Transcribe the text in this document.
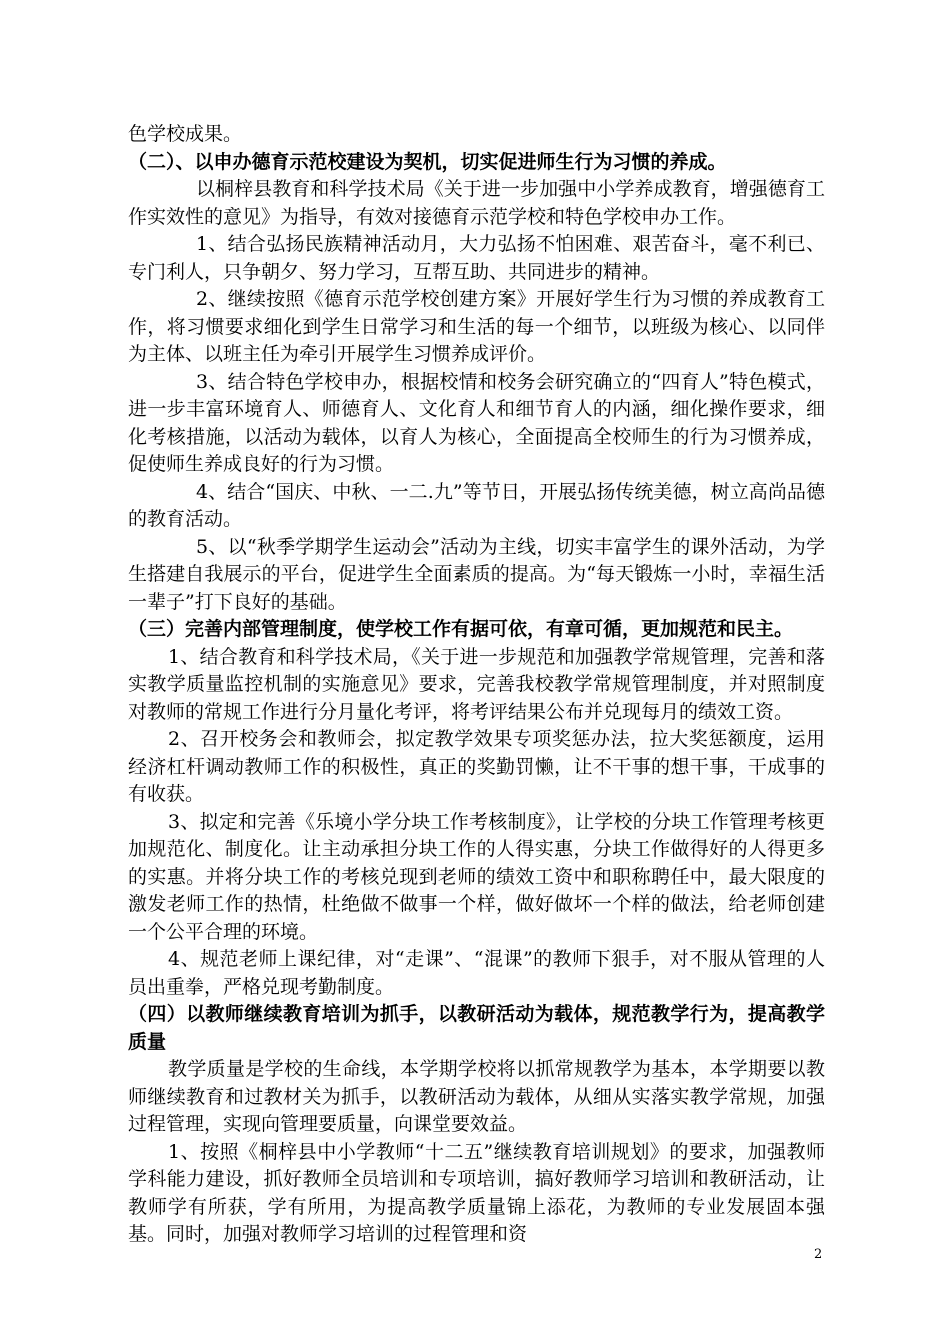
色学校成果。

（二）、以申办德育示范校建设为契机，切实促进师生行为习惯的养成。

以桐梓县教育和科学技术局《关于进一步加强中小学养成教育，增强德育工作实效性的意见》为指导，有效对接德育示范学校和特色学校申办工作。

1、结合弘扬民族精神活动月，大力弘扬不怕困难、艰苦奋斗，毫不利已、专门利人，只争朝夕、努力学习，互帮互助、共同进步的精神。

2、继续按照《德育示范学校创建方案》开展好学生行为习惯的养成教育工作，将习惯要求细化到学生日常学习和生活的每一个细节，以班级为核心、以同伴为主体、以班主任为牵引开展学生习惯养成评价。

3、结合特色学校申办，根据校情和校务会研究确立的“四育人”特色模式，进一步丰富环境育人、师德育人、文化育人和细节育人的内涵，细化操作要求，细化考核措施，以活动为载体，以育人为核心，全面提高全校师生的行为习惯养成，促使师生养成良好的行为习惯。

4、结合“国庆、中秋、一二.九”等节日，开展弘扬传统美德，树立高尚品德的教育活动。

5、以“秋季学期学生运动会”活动为主线，切实丰富学生的课外活动，为学生搭建自我展示的平台，促进学生全面素质的提高。为“每天锻炼一小时，幸福生活一辈子”打下良好的基础。

（三）完善内部管理制度，使学校工作有据可依，有章可循，更加规范和民主。

1、结合教育和科学技术局，《关于进一步规范和加强教学常规管理，完善和落实教学质量监控机制的实施意见》要求，完善我校教学常规管理制度，并对照制度对教师的常规工作进行分月量化考评，将考评结果公布并兑现每月的绩效工资。

2、召开校务会和教师会，拟定教学效果专项奖惩办法，拉大奖惩额度，运用经济杠杆调动教师工作的积极性，真正的奖勤罚懒，让不干事的想干事，干成事的有收获。

3、拟定和完善《乐境小学分块工作考核制度》，让学校的分块工作管理考核更加规范化、制度化。让主动承担分块工作的人得实惠，分块工作做得好的人得更多的实惠。并将分块工作的考核兑现到老师的绩效工资中和职称聘任中，最大限度的激发老师工作的热情，杜绝做不做事一个样，做好做坏一个样的做法，给老师创建一个公平合理的环境。

4、规范老师上课纪律，对“走课”、“混课”的教师下狠手，对不服从管理的人员出重拳，严格兑现考勤制度。

（四）以教师继续教育培训为抓手，以教研活动为载体，规范教学行为，提高教学质量

教学质量是学校的生命线，本学期学校将以抓常规教学为基本，本学期要以教师继续教育和过教材关为抓手，以教研活动为载体，从细从实落实教学常规，加强过程管理，实现向管理要质量，向课堂要效益。

1、按照《桐梓县中小学教师“十二五”继续教育培训规划》的要求，加强教师学科能力建设，抓好教师全员培训和专项培训，搞好教师学习培训和教研活动，让教师学有所获，学有所用，为提高教学质量锦上添花，为教师的专业发展固本强基。同时，加强对教师学习培训的过程管理和资

2
